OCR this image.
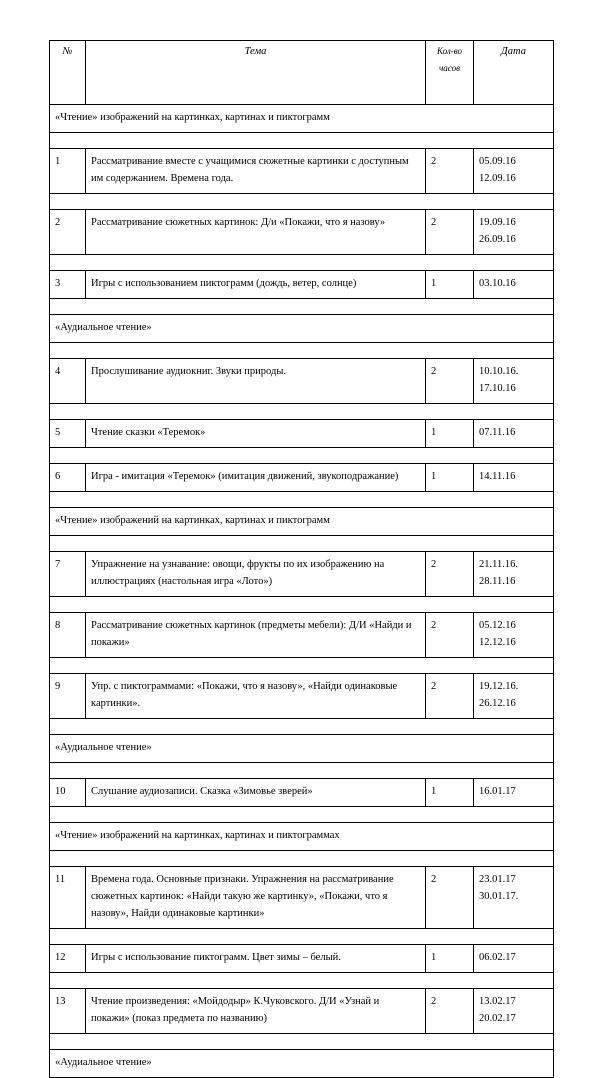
№	Тема	Кол-во часов	Дата
«Чтение» изображений на картинках, картинах и пиктограмм			

1	Рассматривание вместе с учащимися сюжетные картинки с доступным им содержанием. Времена года.	2	05.09.16
12.09.16

2	Рассматривание сюжетных картинок: Д/и «Покажи, что я назову»	2	19.09.16
26.09.16

3	Игры с использованием пиктограмм (дождь, ветер, солнце)	1	03.10.16

«Аудиальное чтение»			

4	Прослушивание аудиокниг. Звуки природы.	2	10.10.16.
17.10.16

5	Чтение сказки «Теремок»	1	07.11.16

6	Игра - имитация «Теремок» (имитация движений, звукоподражание)	1	14.11.16

«Чтение» изображений на картинках, картинах и пиктограмм			

7	Упражнение на узнавание: овощи, фрукты по их изображению на иллюстрациях (настольная игра «Лото»)	2	21.11.16.
28.11.16

8	Рассматривание сюжетных картинок (предметы мебели): Д/И «Найди и покажи»	2	05.12.16
12.12.16

9	Упр. с пиктограммами: «Покажи, что я назову», «Найди одинаковые картинки».	2	19.12.16.
26.12.16

«Аудиальное чтение»			

10	Слушание аудиозаписи. Сказка «Зимовье зверей»	1	16.01.17

«Чтение» изображений на картинках, картинах и пиктограммах			

11	Времена года. Основные признаки. Упражнения на рассматривание сюжетных картинок: «Найди такую же картинку», «Покажи, что я назову», Найди одинаковые картинки»	2	23.01.17
30.01.17.

12	Игры с использование пиктограмм. Цвет зимы – белый.	1	06.02.17

13	Чтение произведения: «Мойдодыр» К.Чуковского. Д/И «Узнай и покажи» (показ предмета по названию)	2	13.02.17
20.02.17

«Аудиальное чтение»			
